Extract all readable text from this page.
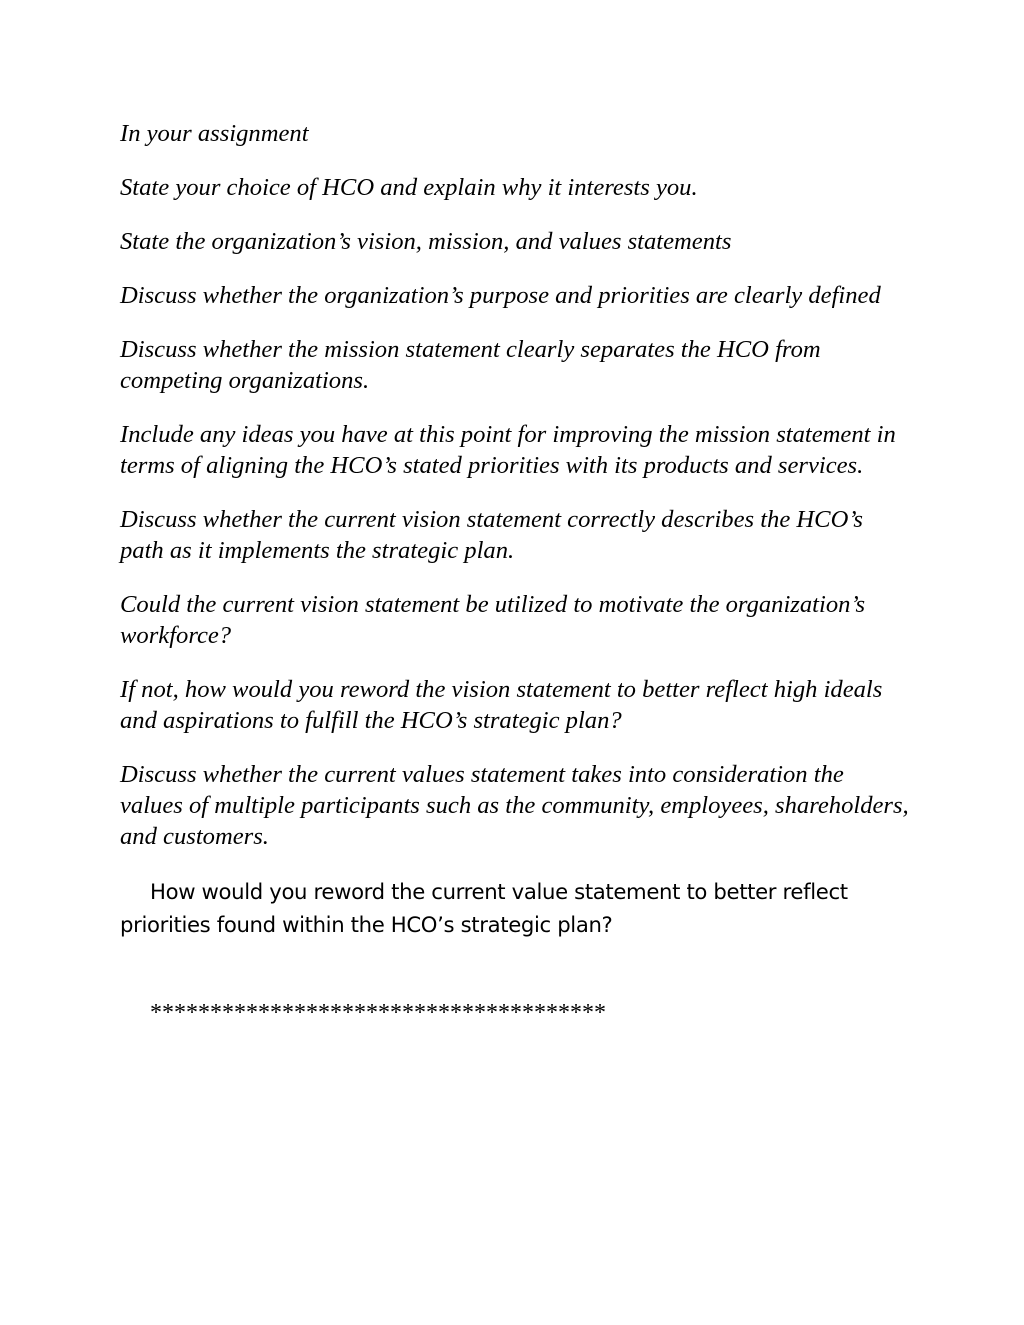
In your assignment

State your choice of HCO and explain why it interests you.

State the organization’s vision, mission, and values statements

Discuss whether the organization’s purpose and priorities are clearly defined

Discuss whether the mission statement clearly separates the HCO from competing organizations.

Include any ideas you have at this point for improving the mission statement in terms of aligning the HCO’s stated priorities with its products and services.

Discuss whether the current vision statement correctly describes the HCO’s path as it implements the strategic plan.

Could the current vision statement be utilized to motivate the organization’s workforce?

If not, how would you reword the vision statement to better reflect high ideals and aspirations to fulfill the HCO’s strategic plan?

Discuss whether the current values statement takes into consideration the values of multiple participants such as the community, employees, shareholders, and customers.

How would you reword the current value statement to better reflect priorities found within the HCO’s strategic plan?

**************************************
